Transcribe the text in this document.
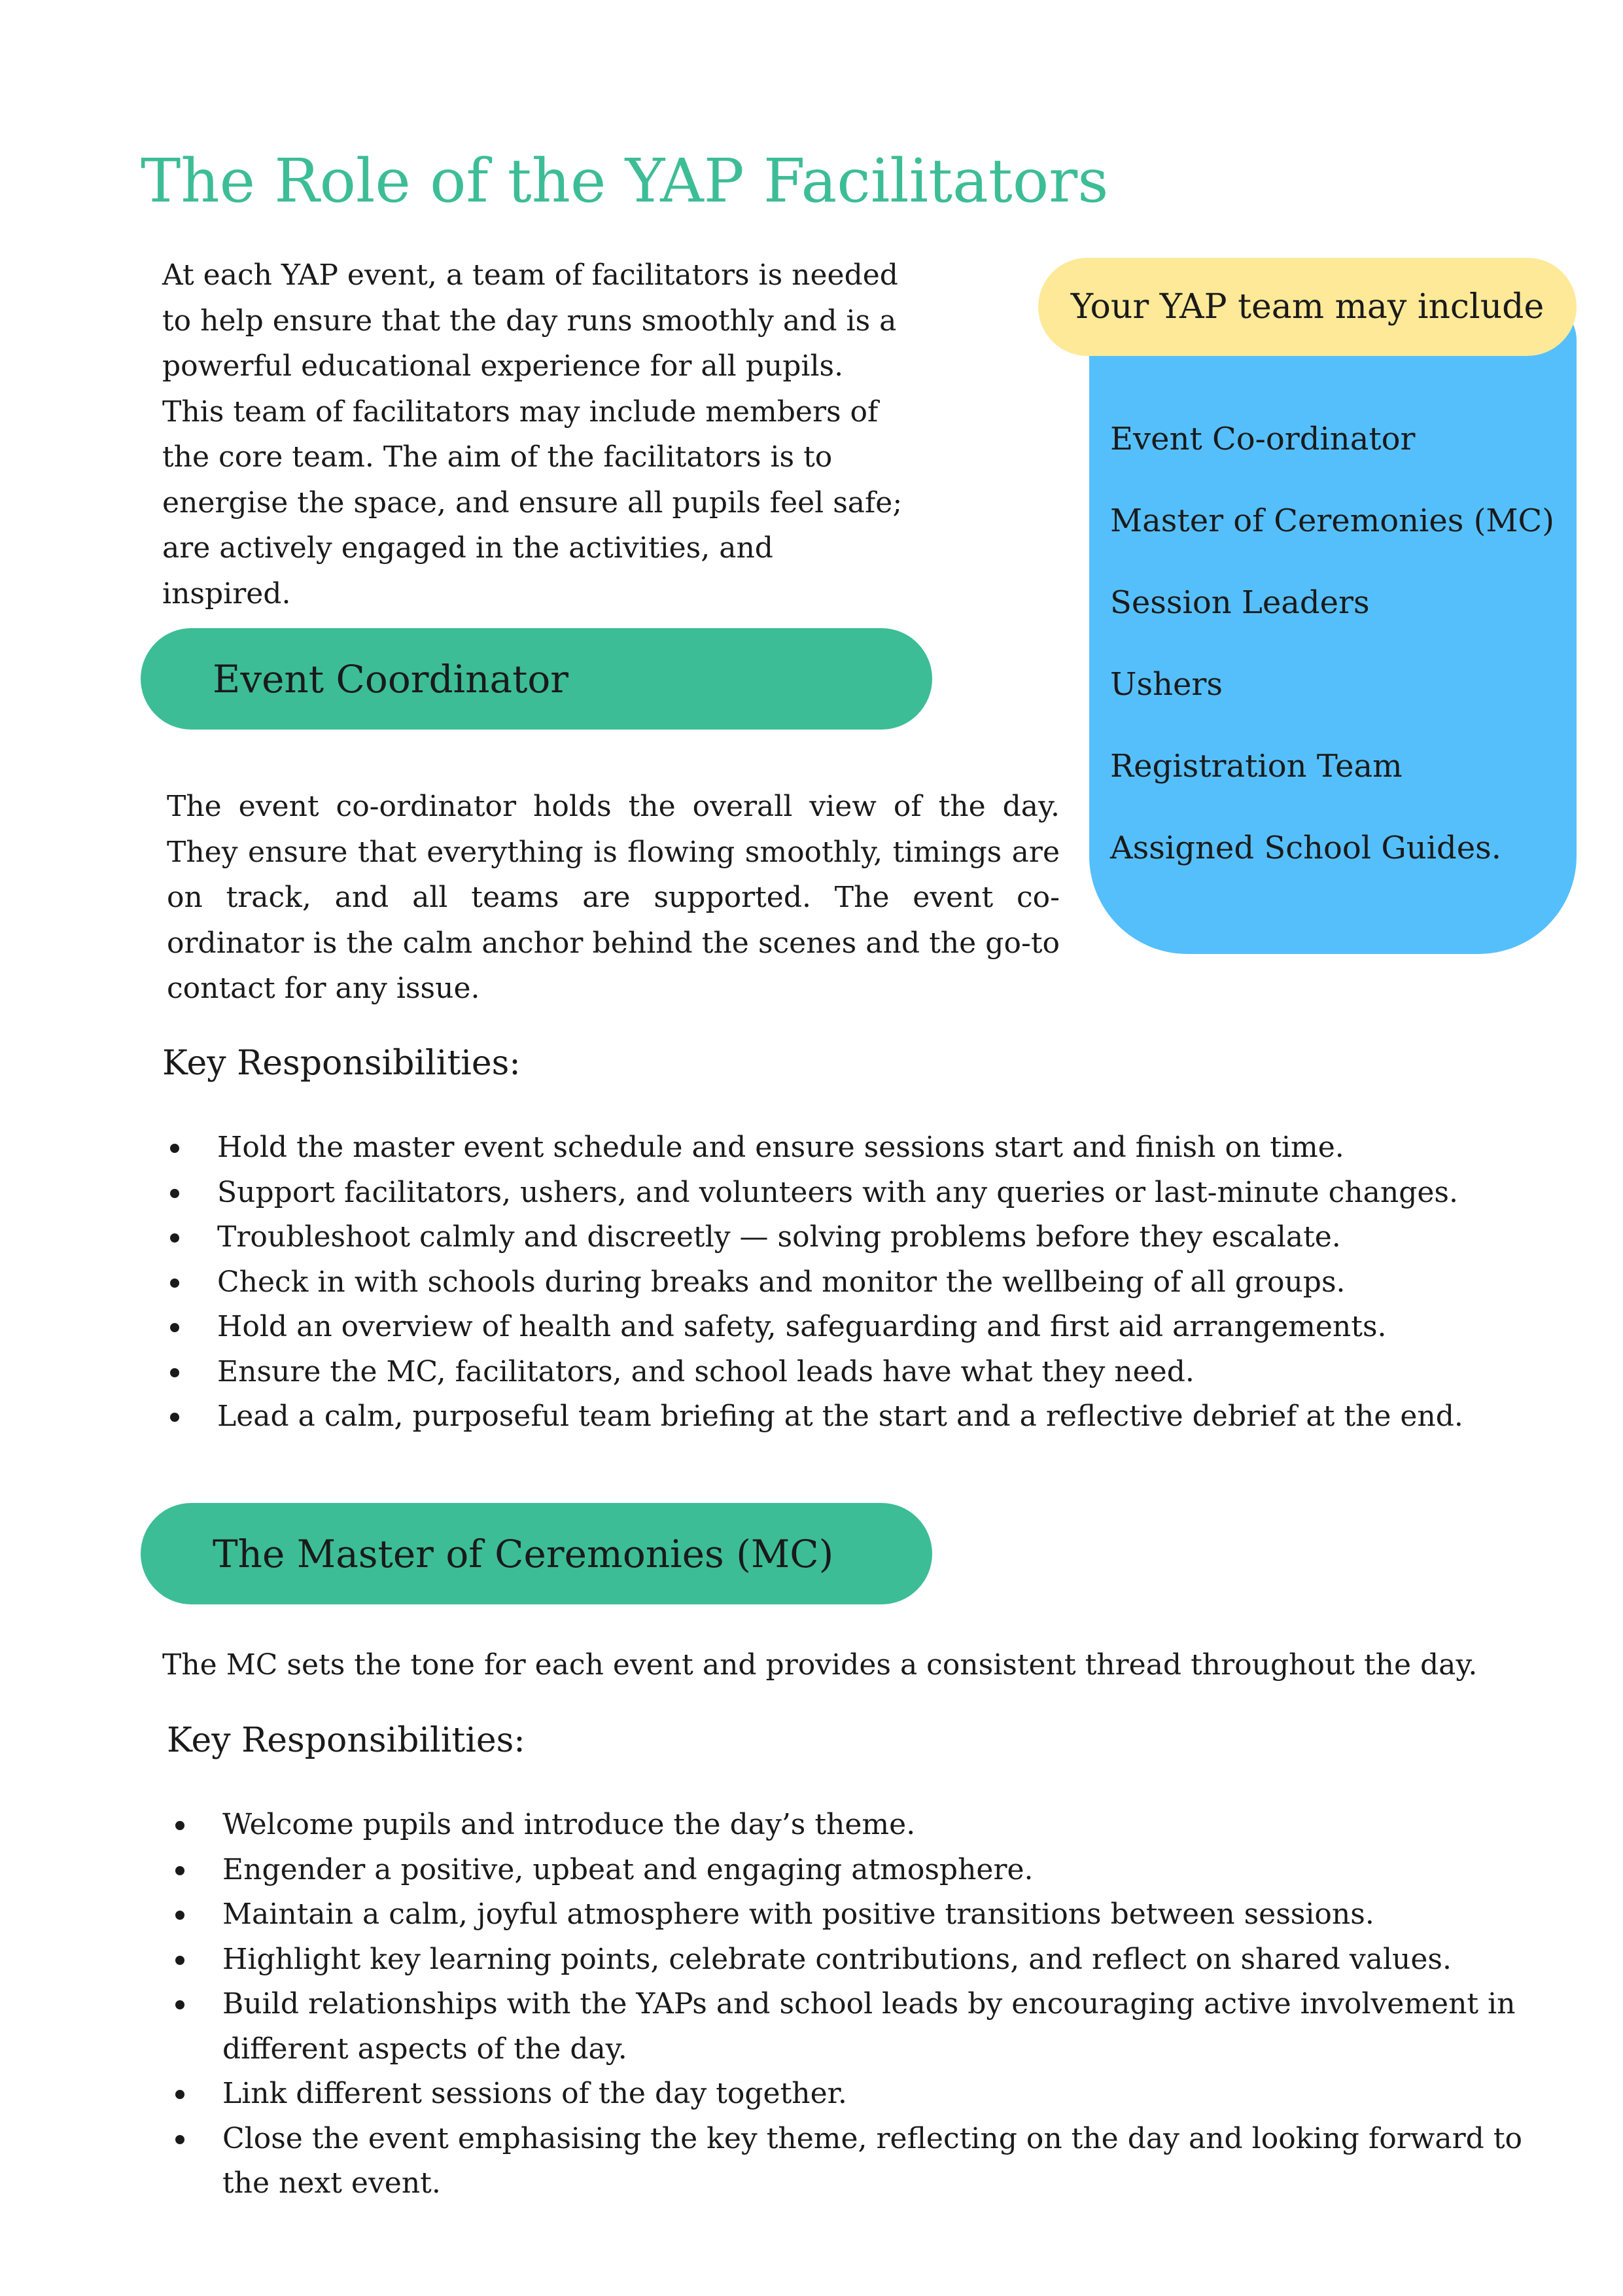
The Role of the YAP Facilitators

At each YAP event, a team of facilitators is needed to help ensure that the day runs smoothly and is a powerful educational experience for all pupils. This team of facilitators may include members of the core team. The aim of the facilitators is to energise the space, and ensure all pupils feel safe; are actively engaged in the activities, and inspired.

Your YAP team may include
Event Co-ordinator
Master of Ceremonies (MC)
Session Leaders
Ushers
Registration Team
Assigned School Guides.
Event Coordinator

The event co-ordinator holds the overall view of the day. They ensure that everything is flowing smoothly, timings are on track, and all teams are supported. The event co-ordinator is the calm anchor behind the scenes and the go-to contact for any issue.

Key Responsibilities:
Hold the master event schedule and ensure sessions start and finish on time.
Support facilitators, ushers, and volunteers with any queries or last-minute changes.
Troubleshoot calmly and discreetly — solving problems before they escalate.
Check in with schools during breaks and monitor the wellbeing of all groups.
Hold an overview of health and safety, safeguarding and first aid arrangements.
Ensure the MC, facilitators, and school leads have what they need.
Lead a calm, purposeful team briefing at the start and a reflective debrief at the end.
The Master of Ceremonies (MC)

The MC sets the tone for each event and provides a consistent thread throughout the day.

Key Responsibilities:
Welcome pupils and introduce the day’s theme.
Engender a positive, upbeat and engaging atmosphere.
Maintain a calm, joyful atmosphere with positive transitions between sessions.
Highlight key learning points, celebrate contributions, and reflect on shared values.
Build relationships with the YAPs and school leads by encouraging active involvement in different aspects of the day.
Link different sessions of the day together.
Close the event emphasising the key theme, reflecting on the day and looking forward to the next event.
